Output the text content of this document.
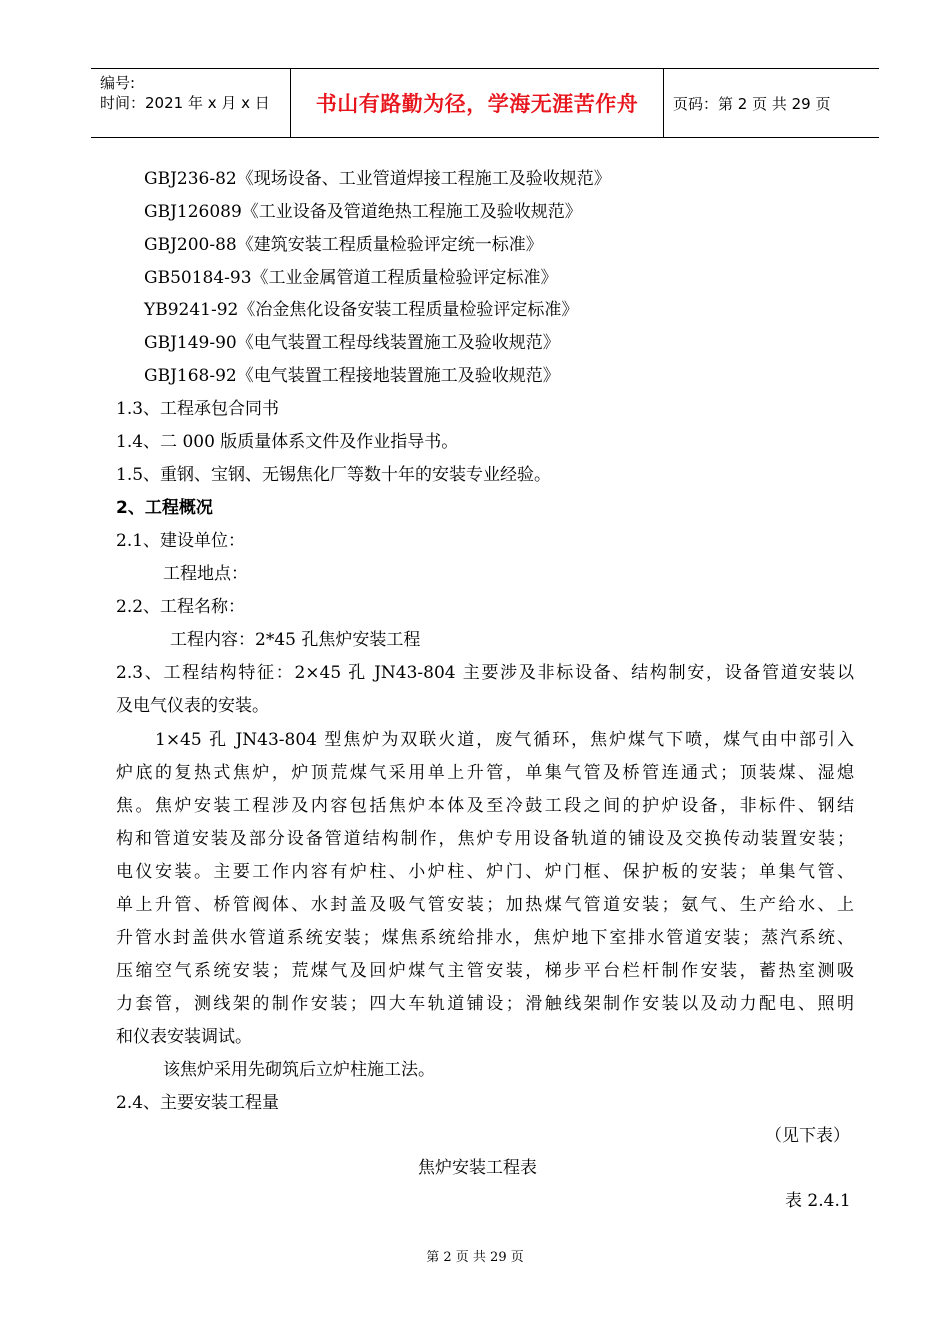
编号:
时间：2021 年 x 月 x 日	书山有路勤为径，学海无涯苦作舟	页码：第 2 页 共 29 页
GBJ236-82《现场设备、工业管道焊接工程施工及验收规范》
GBJ126089《工业设备及管道绝热工程施工及验收规范》
GBJ200-88《建筑安装工程质量检验评定统一标准》
GB50184-93《工业金属管道工程质量检验评定标准》
YB9241-92《冶金焦化设备安装工程质量检验评定标准》
GBJ149-90《电气装置工程母线装置施工及验收规范》
GBJ168-92《电气装置工程接地装置施工及验收规范》
1.3、工程承包合同书
1.4、二 000 版质量体系文件及作业指导书。
1.5、重钢、宝钢、无锡焦化厂等数十年的安装专业经验。
2、工程概况
2.1、建设单位：
工程地点：
2.2、工程名称：
工程内容：2*45 孔焦炉安装工程
2.3、工程结构特征：2×45 孔 JN43-804 主要涉及非标设备、结构制安，设备管道安装以
及电气仪表的安装。
1×45 孔 JN43-804 型焦炉为双联火道，废气循环，焦炉煤气下喷，煤气由中部引入
炉底的复热式焦炉，炉顶荒煤气采用单上升管，单集气管及桥管连通式；顶装煤、湿熄
焦。焦炉安装工程涉及内容包括焦炉本体及至冷鼓工段之间的护炉设备，非标件、钢结
构和管道安装及部分设备管道结构制作，焦炉专用设备轨道的铺设及交换传动装置安装；
电仪安装。主要工作内容有炉柱、小炉柱、炉门、炉门框、保护板的安装；单集气管、
单上升管、桥管阀体、水封盖及吸气管安装；加热煤气管道安装；氨气、生产给水、上
升管水封盖供水管道系统安装；煤焦系统给排水，焦炉地下室排水管道安装；蒸汽系统、
压缩空气系统安装；荒煤气及回炉煤气主管安装，梯步平台栏杆制作安装，蓄热室测吸
力套管，测线架的制作安装；四大车轨道铺设；滑触线架制作安装以及动力配电、照明
和仪表安装调试。
该焦炉采用先砌筑后立炉柱施工法。
2.4、主要安装工程量
（见下表）
焦炉安装工程表
表 2.4.1
第 2 页 共 29 页
